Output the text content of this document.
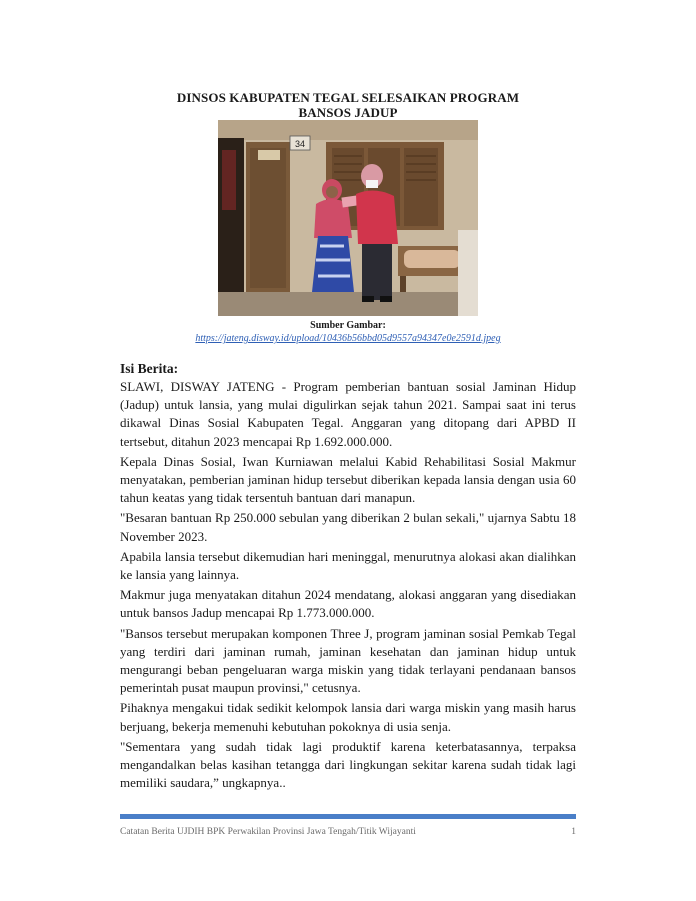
DINSOS KABUPATEN TEGAL SELESAIKAN PROGRAM
BANSOS JADUP
34
Sumber Gambar:
https://jateng.disway.id/upload/10436b56bbd05d9557a94347e0e2591d.jpeg
Isi Berita:

SLAWI, DISWAY JATENG - Program pemberian bantuan sosial Jaminan Hidup (Jadup) untuk lansia, yang mulai digulirkan sejak tahun 2021. Sampai saat ini terus dikawal Dinas Sosial Kabupaten Tegal. Anggaran yang ditopang dari APBD II tertsebut, ditahun 2023 mencapai Rp 1.692.000.000.

Kepala Dinas Sosial, Iwan Kurniawan melalui Kabid Rehabilitasi Sosial Makmur menyatakan, pemberian jaminan hidup tersebut diberikan kepada lansia dengan usia 60 tahun keatas yang tidak tersentuh bantuan dari manapun.

"Besaran bantuan Rp 250.000 sebulan yang diberikan 2 bulan sekali," ujarnya Sabtu 18 November 2023.

Apabila lansia tersebut dikemudian hari meninggal, menurutnya alokasi akan dialihkan ke lansia yang lainnya.

Makmur juga menyatakan ditahun 2024 mendatang, alokasi anggaran yang disediakan untuk bansos Jadup mencapai Rp 1.773.000.000.

"Bansos tersebut merupakan komponen Three J, program jaminan sosial Pemkab Tegal yang terdiri dari jaminan rumah, jaminan kesehatan dan jaminan hidup untuk mengurangi beban pengeluaran warga miskin yang tidak terlayani pendanaan bansos pemerintah pusat maupun provinsi," cetusnya.

Pihaknya mengakui tidak sedikit kelompok lansia dari warga miskin yang masih harus berjuang, bekerja memenuhi kebutuhan pokoknya di usia senja.

"Sementara yang sudah tidak lagi produktif karena keterbatasannya, terpaksa mengandalkan belas kasihan tetangga dari lingkungan sekitar karena sudah tidak lagi memiliki saudara,” ungkapnya..

Catatan Berita UJDIH BPK Perwakilan Provinsi Jawa Tengah/Titik Wijayanti	1
